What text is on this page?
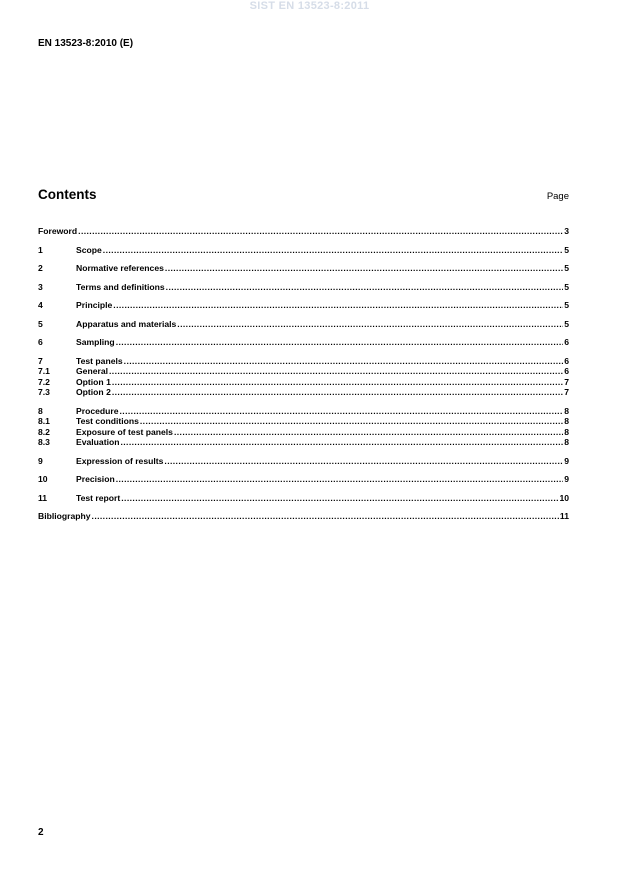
SIST EN 13523-8:2011
EN 13523-8:2010 (E)
Contents	Page
Foreword .....	3
1	Scope .....	5
2	Normative references .....	5
3	Terms and definitions .....	5
4	Principle .....	5
5	Apparatus and materials .....	5
6	Sampling .....	6
7	Test panels .....	6
7.1	General .....	6
7.2	Option 1 .....	7
7.3	Option 2 .....	7
8	Procedure .....	8
8.1	Test conditions .....	8
8.2	Exposure of test panels .....	8
8.3	Evaluation .....	8
9	Expression of results .....	9
10	Precision .....	9
11	Test report .....	10
Bibliography .....	11
2
